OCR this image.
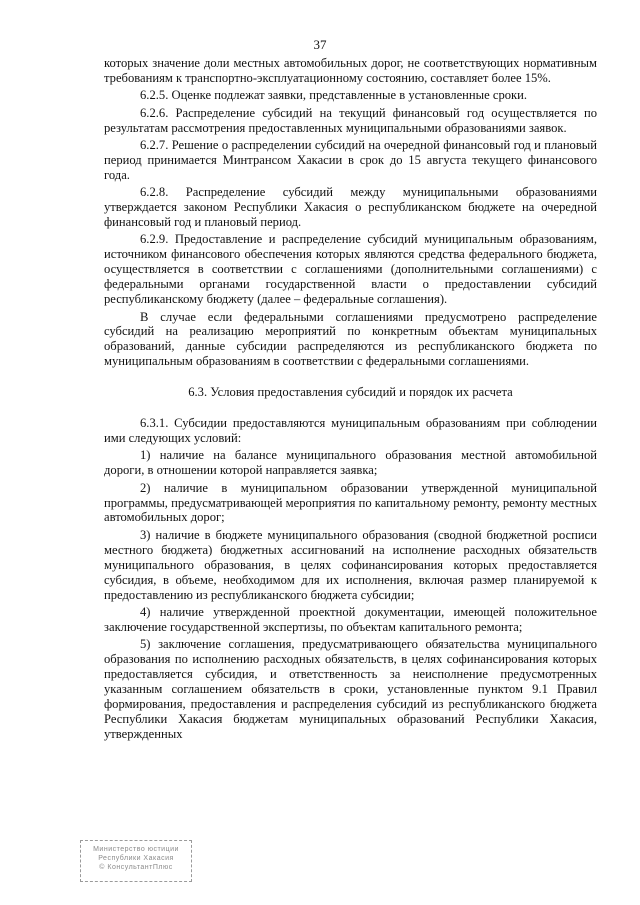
37

которых значение доли местных автомобильных дорог, не соответствующих нормативным требованиям к транспортно-эксплуатационному состоянию, составляет более 15%.

6.2.5. Оценке подлежат заявки, представленные в установленные сроки.

6.2.6. Распределение субсидий на текущий финансовый год осуществляется по результатам рассмотрения предоставленных муниципальными образованиями заявок.

6.2.7. Решение о распределении субсидий на очередной финансовый год и плановый период принимается Минтрансом Хакасии в срок до 15 августа текущего финансового года.

6.2.8. Распределение субсидий между муниципальными образованиями утверждается законом Республики Хакасия о республиканском бюджете на очередной финансовый год и плановый период.

6.2.9. Предоставление и распределение субсидий муниципальным образованиям, источником финансового обеспечения которых являются средства федерального бюджета, осуществляется в соответствии с соглашениями (дополнительными соглашениями) с федеральными органами государственной власти о предоставлении субсидий республиканскому бюджету (далее – федеральные соглашения).

В случае если федеральными соглашениями предусмотрено распределение субсидий на реализацию мероприятий по конкретным объектам муниципальных образований, данные субсидии распределяются из республиканского бюджета по муниципальным образованиям в соответствии с федеральными соглашениями.

6.3. Условия предоставления субсидий и порядок их расчета

6.3.1. Субсидии предоставляются муниципальным образованиям при соблюдении ими следующих условий:

1) наличие на балансе муниципального образования местной автомобильной дороги, в отношении которой направляется заявка;

2) наличие в муниципальном образовании утвержденной муниципальной программы, предусматривающей мероприятия по капитальному ремонту, ремонту местных автомобильных дорог;

3) наличие в бюджете муниципального образования (сводной бюджетной росписи местного бюджета) бюджетных ассигнований на исполнение расходных обязательств муниципального образования, в целях софинансирования которых предоставляется субсидия, в объеме, необходимом для их исполнения, включая размер планируемой к предоставлению из республиканского бюджета субсидии;

4) наличие утвержденной проектной документации, имеющей положительное заключение государственной экспертизы, по объектам капитального ремонта;

5) заключение соглашения, предусматривающего обязательства муниципального образования по исполнению расходных обязательств, в целях софинансирования которых предоставляется субсидия, и ответственность за неисполнение предусмотренных указанным соглашением обязательств в сроки, установленные пунктом 9.1 Правил формирования, предоставления и распределения субсидий из республиканского бюджета Республики Хакасия бюджетам муниципальных образований Республики Хакасия, утвержденных

Министерство юстиции
Республики Хакасия
© КонсультантПлюс
